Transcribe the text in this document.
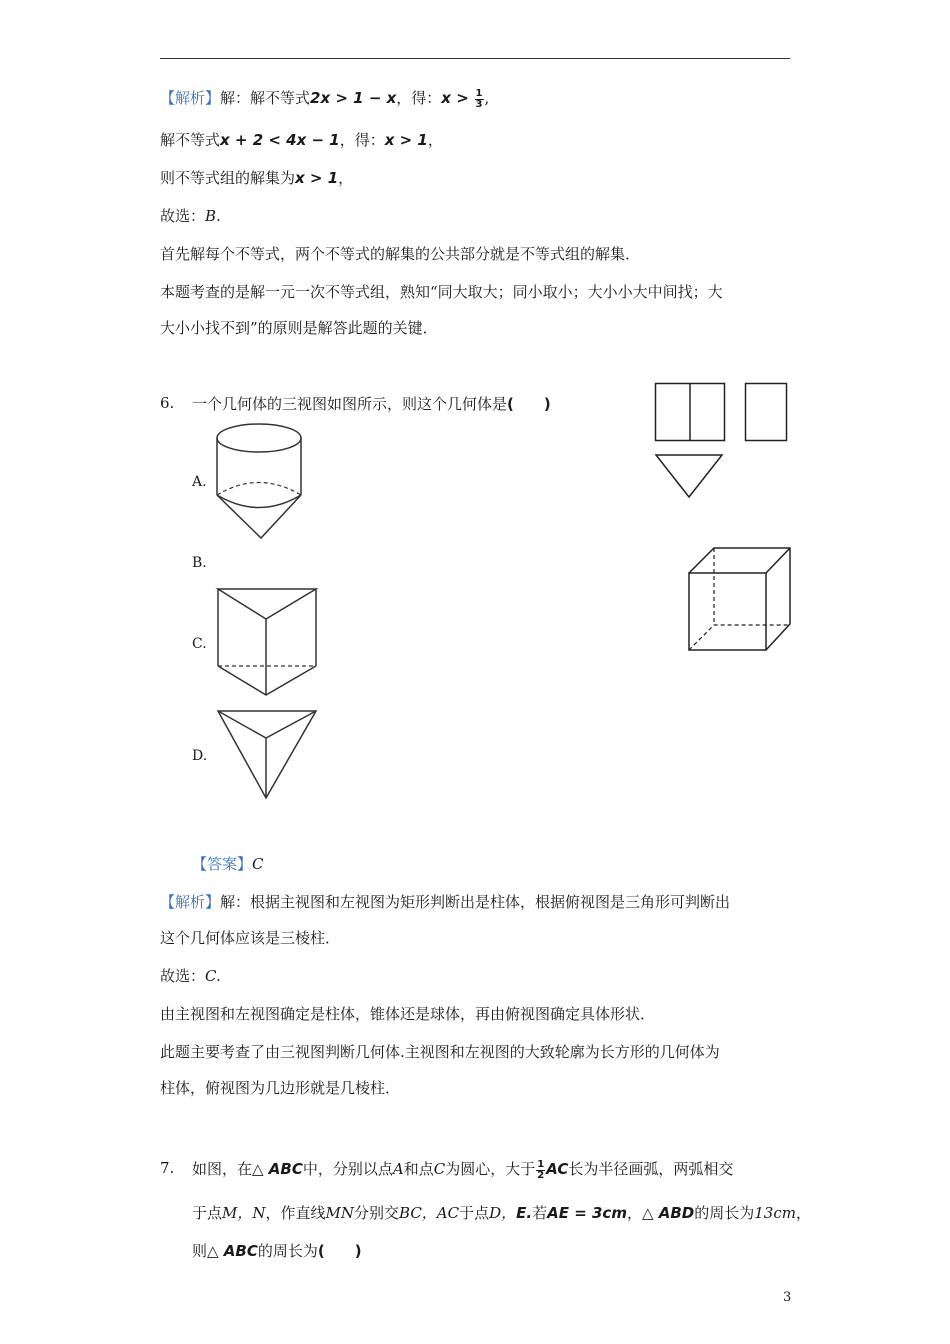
【解析】解：解不等式2x > 1 − x，得：$x > \frac{1}{3}$ ,
解不等式x + 2 < 4x − 1，得：x > 1，
则不等式组的解集为x > 1，
故选：B.
首先解每个不等式，两个不等式的解集的公共部分就是不等式组的解集．
本题考查的是解一元一次不等式组，熟知“同大取大；同小取小；大小小大中间找；大
大小小找不到”的原则是解答此题的关键．
6. 一个几何体的三视图如图所示，则这个几何体是(　　)
A.
B.
C.
D.
【答案】C
【解析】解：根据主视图和左视图为矩形判断出是柱体，根据俯视图是三角形可判断出
这个几何体应该是三棱柱．
故选：C.
由主视图和左视图确定是柱体，锥体还是球体，再由俯视图确定具体形状．
此题主要考查了由三视图判断几何体.主视图和左视图的大致轮廓为长方形的几何体为
柱体，俯视图为几边形就是几棱柱．
7. 如图，在△ ABC中，分别以点A和点C为圆心，大于 $\frac{1}{2}$ AC长为半径画弧，两弧相交
于点M，N，作直线MN分别交BC，AC于点D，E.若AE = 3cm，△ ABD的周长为13cm，
则△ ABC的周长为(　　)
3
